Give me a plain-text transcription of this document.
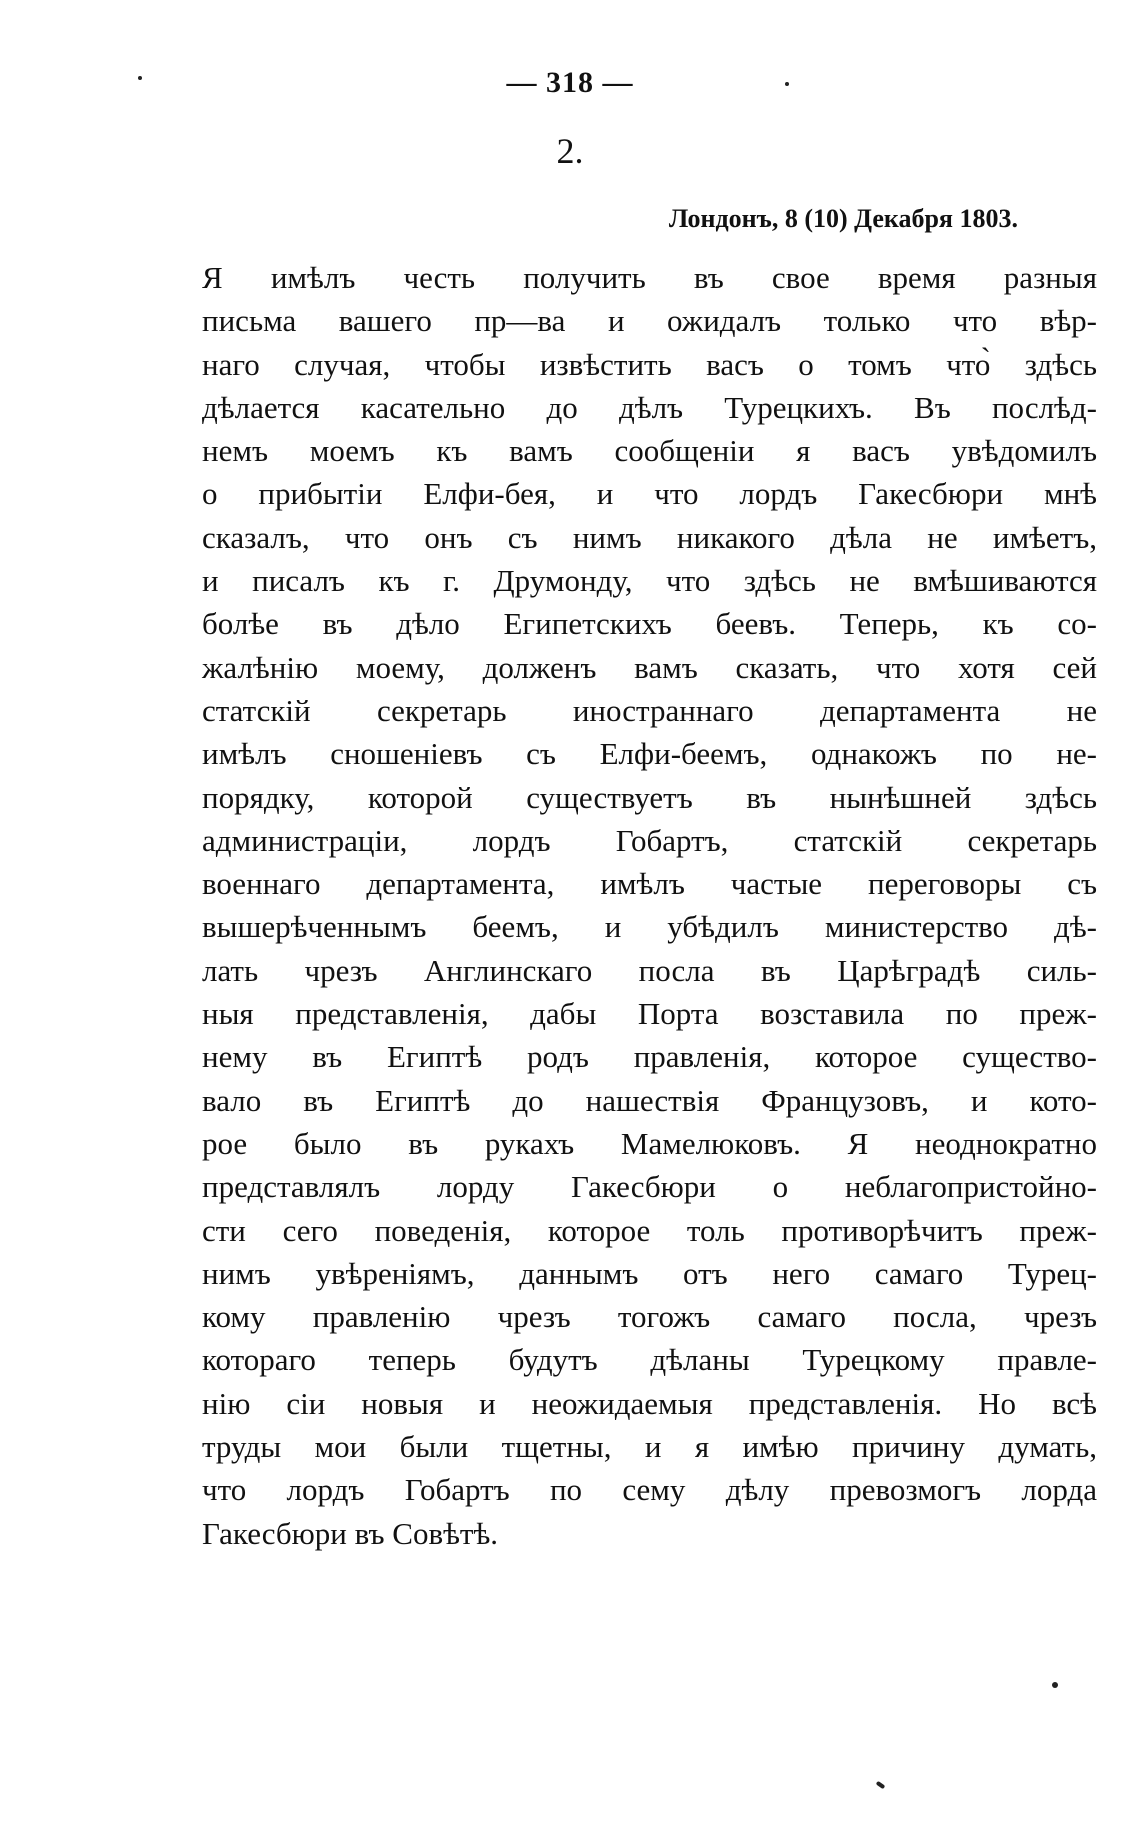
— 318 —
2.
Лондонъ, 8 (10) Декабря 1803.
Я имѣлъ честь получить въ свое время разныя
письма вашего пр—ва и ожидалъ только что вѣр-
наго случая, чтобы извѣстить васъ о томъ что̀ здѣсь
дѣлается касательно до дѣлъ Турецкихъ. Въ послѣд-
немъ моемъ къ вамъ сообщеніи я васъ увѣдомилъ
о прибытіи Елфи-бея, и что лордъ Гакесбюри мнѣ
сказалъ, что онъ съ нимъ никакого дѣла не имѣетъ,
и писалъ къ г. Друмонду, что здѣсь не вмѣшиваются
болѣе въ дѣло Египетскихъ беевъ. Теперь, къ со-
жалѣнію моему, долженъ вамъ сказать, что хотя сей
статскій секретарь иностраннаго департамента не
имѣлъ сношеніевъ съ Елфи-беемъ, однакожъ по не-
порядку, которой существуетъ въ нынѣшней здѣсь
администраціи, лордъ Гобартъ, статскій секретарь
военнаго департамента, имѣлъ частые переговоры съ
вышерѣченнымъ беемъ, и убѣдилъ министерство дѣ-
лать чрезъ Англинскаго посла въ Царѣградѣ силь-
ныя представленія, дабы Порта возставила по преж-
нему въ Египтѣ родъ правленія, которое существо-
вало въ Египтѣ до нашествія Французовъ, и кото-
рое было въ рукахъ Мамелюковъ. Я неоднократно
представлялъ лорду Гакесбюри о неблагопристойно-
сти сего поведенія, которое толь противорѣчитъ преж-
нимъ увѣреніямъ, даннымъ отъ него самаго Турец-
кому правленію чрезъ тогожъ самаго посла, чрезъ
котораго теперь будутъ дѣланы Турецкому правле-
нію сіи новыя и неожидаемыя представленія. Но всѣ
труды мои были тщетны, и я имѣю причину думать,
что лордъ Гобартъ по сему дѣлу превозмогъ лорда
Гакесбюри въ Совѣтѣ.
